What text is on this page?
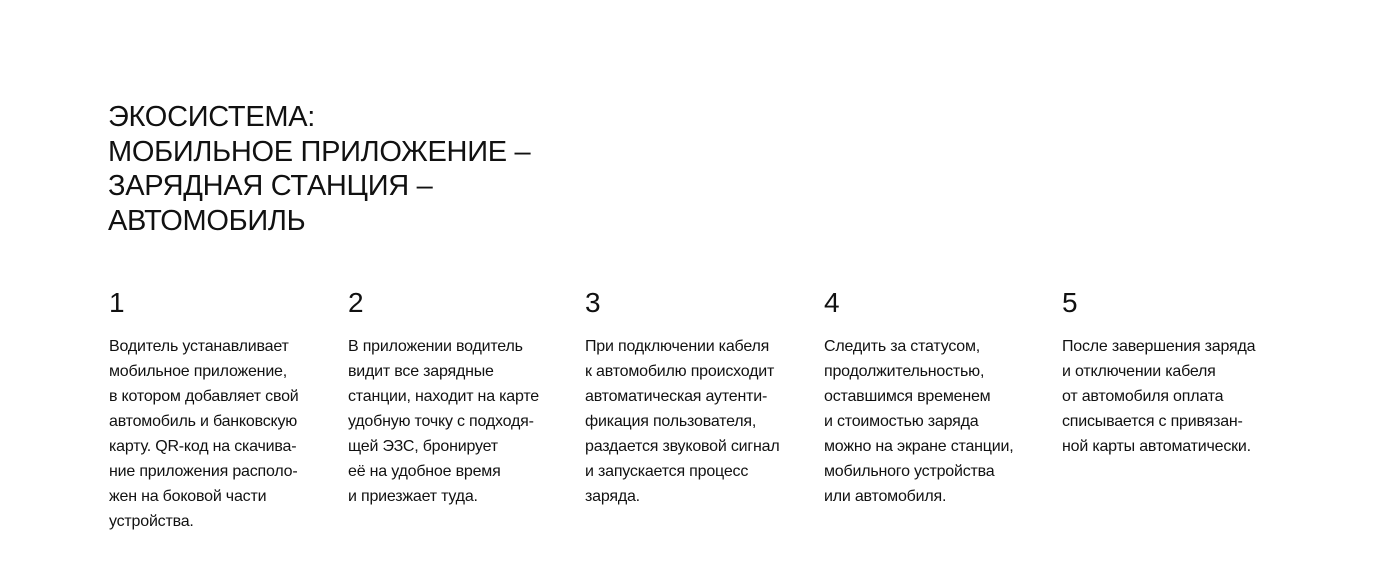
ЭКОСИСТЕМА:
МОБИЛЬНОЕ ПРИЛОЖЕНИЕ –
ЗАРЯДНАЯ СТАНЦИЯ –
АВТОМОБИЛЬ
1

Водитель устанавливает
мобильное приложение,
в котором добавляет свой
автомобиль и банковскую
карту. QR-код на скачива-
ние приложения располо-
жен на боковой части
устройства.

2

В приложении водитель
видит все зарядные
станции, находит на карте
удобную точку с подходя-
щей ЭЗС, бронирует
её на удобное время
и приезжает туда.

3

При подключении кабеля
к автомобилю происходит
автоматическая аутенти-
фикация пользователя,
раздается звуковой сигнал
и запускается процесс
заряда.

4

Следить за статусом,
продолжительностью,
оставшимся временем
и стоимостью заряда
можно на экране станции,
мобильного устройства
или автомобиля.

5

После завершения заряда
и отключении кабеля
от автомобиля оплата
списывается с привязан-
ной карты автоматически.
